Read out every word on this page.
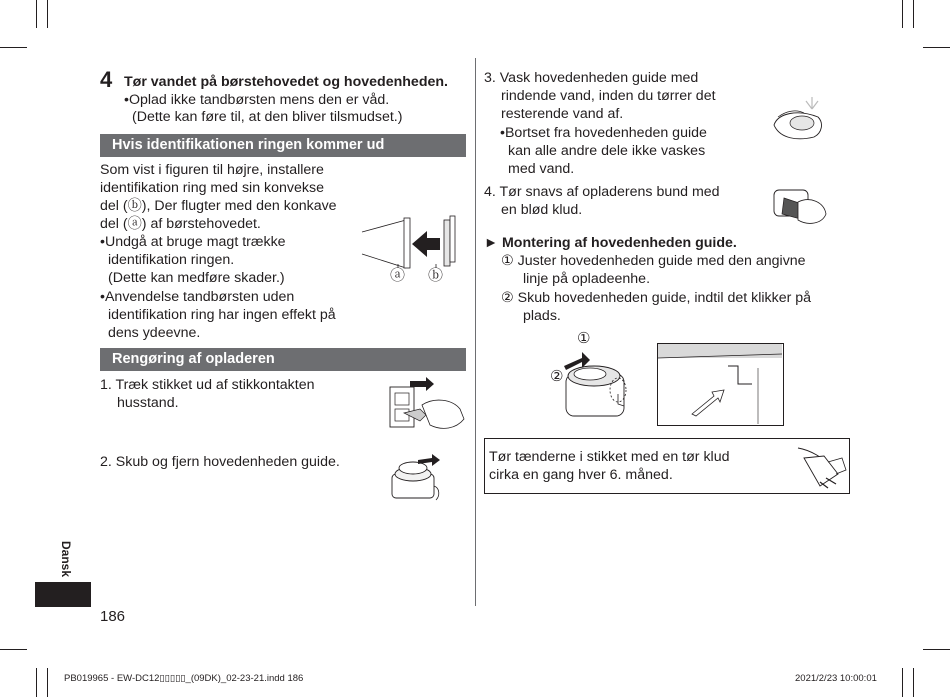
4 Tør vandet på børstehovedet og hovedenheden.
•Oplad ikke tandbørsten mens den er våd.
(Dette kan føre til, at den bliver tilsmudset.)
Hvis identifikationen ringen kommer ud
Som vist i figuren til højre, installere
identifikation ring med sin konvekse
del (ⓑ), Der flugter med den konkave
del (ⓐ) af børstehovedet.
•Undgå at bruge magt trække
identifikation ringen.
(Dette kan medføre skader.)
•Anvendelse tandbørsten uden
identifikation ring har ingen effekt på
dens ydeevne.
ⓐ ⓑ
Rengøring af opladeren
1. Træk stikket ud af stikkontakten
husstand.
2. Skub og fjern hovedenheden guide.
3. Vask hovedenheden guide med
rindende vand, inden du tørrer det
resterende vand af.
•Bortset fra hovedenheden guide
kan alle andre dele ikke vaskes
med vand.
4. Tør snavs af opladerens bund med
en blød klud.
► Montering af hovedenheden guide.
① Juster hovedenheden guide med den angivne
linje på opladeenhe.
② Skub hovedenheden guide, indtil det klikker på
plads.
①
②
Tør tænderne i stikket med en tør klud
cirka en gang hver 6. måned.
Dansk
186
PB019965 - EW-DC12▯▯▯▯▯_(09DK)_02-23-21.indd 186	2021/2/23 10:00:01
